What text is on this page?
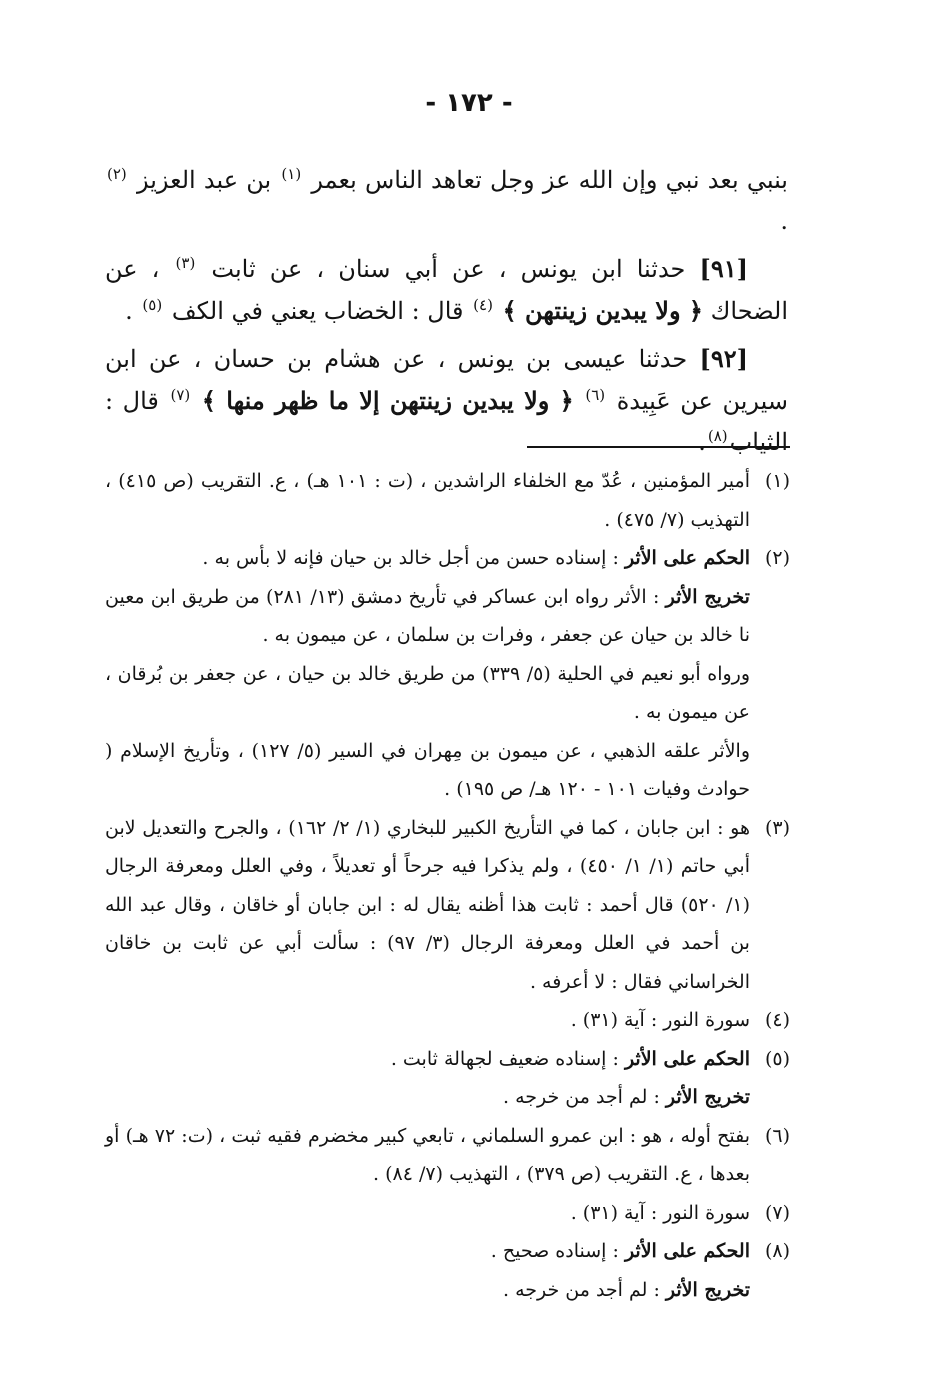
- ١٧٢ -

بنبي بعد نبي وإن الله عز وجل تعاهد الناس بعمر $^{(١)}$ بن عبد العزيز $^{(٢)}$ .

[٩١] حدثنا ابن يونس ، عن أبي سنان ، عن ثابت $^{(٣)}$ ، عن الضحاك ﴿ ولا يبدين زينتهن ﴾ $^{(٤)}$ قال : الخضاب يعني في الكف $^{(٥)}$ .

[٩٢] حدثنا عيسى بن يونس ، عن هشام بن حسان ، عن ابن سيرين عن عَبِيدة $^{(٦)}$ ﴿ ولا يبدين زينتهن إلا ما ظهر منها ﴾ $^{(٧)}$ قال : الثياب$^{(٨)}$.

(١)

أمير المؤمنين ، عُدّ مع الخلفاء الراشدين ، (ت : ١٠١ هـ) ، ع. التقريب (ص ٤١٥) ، التهذيب (٧/ ٤٧٥) .

(٢)

الحكم على الأثر : إسناده حسن من أجل خالد بن حيان فإنه لا بأس به .

تخريج الأثر : الأثر رواه ابن عساكر في تأريخ دمشق (١٣/ ٢٨١) من طريق ابن معين نا خالد بن حيان عن جعفر ، وفرات بن سلمان ، عن ميمون به .

ورواه أبو نعيم في الحلية (٥/ ٣٣٩) من طريق خالد بن حيان ، عن جعفر بن بُرقان ، عن ميمون به .

والأثر علقه الذهبي ، عن ميمون بن مِهران في السير (٥/ ١٢٧) ، وتأريخ الإسلام ( حوادث وفيات ١٠١ - ١٢٠ هـ/ ص ١٩٥) .

(٣)

هو : ابن جابان ، كما في التأريخ الكبير للبخاري (١/ ٢/ ١٦٢) ، والجرح والتعديل لابن أبي حاتم (١/ ١/ ٤٥٠) ، ولم يذكرا فيه جرحاً أو تعديلاً ، وفي العلل ومعرفة الرجال (١/ ٥٢٠) قال أحمد : ثابت هذا أظنه يقال له : ابن جابان أو خاقان ، وقال عبد الله بن أحمد في العلل ومعرفة الرجال (٣/ ٩٧) : سألت أبي عن ثابت بن خاقان الخراساني فقال : لا أعرفه .

(٤)

سورة النور : آية (٣١) .

(٥)

الحكم على الأثر : إسناده ضعيف لجهالة ثابت .

تخريج الأثر : لم أجد من خرجه .

(٦)

بفتح أوله ، هو : ابن عمرو السلماني ، تابعي كبير مخضرم فقيه ثبت ، (ت: ٧٢ هـ) أو بعدها ، ع. التقريب (ص ٣٧٩) ، التهذيب (٧/ ٨٤) .

(٧)

سورة النور : آية (٣١) .

(٨)

الحكم على الأثر : إسناده صحيح .

تخريج الأثر : لم أجد من خرجه .
